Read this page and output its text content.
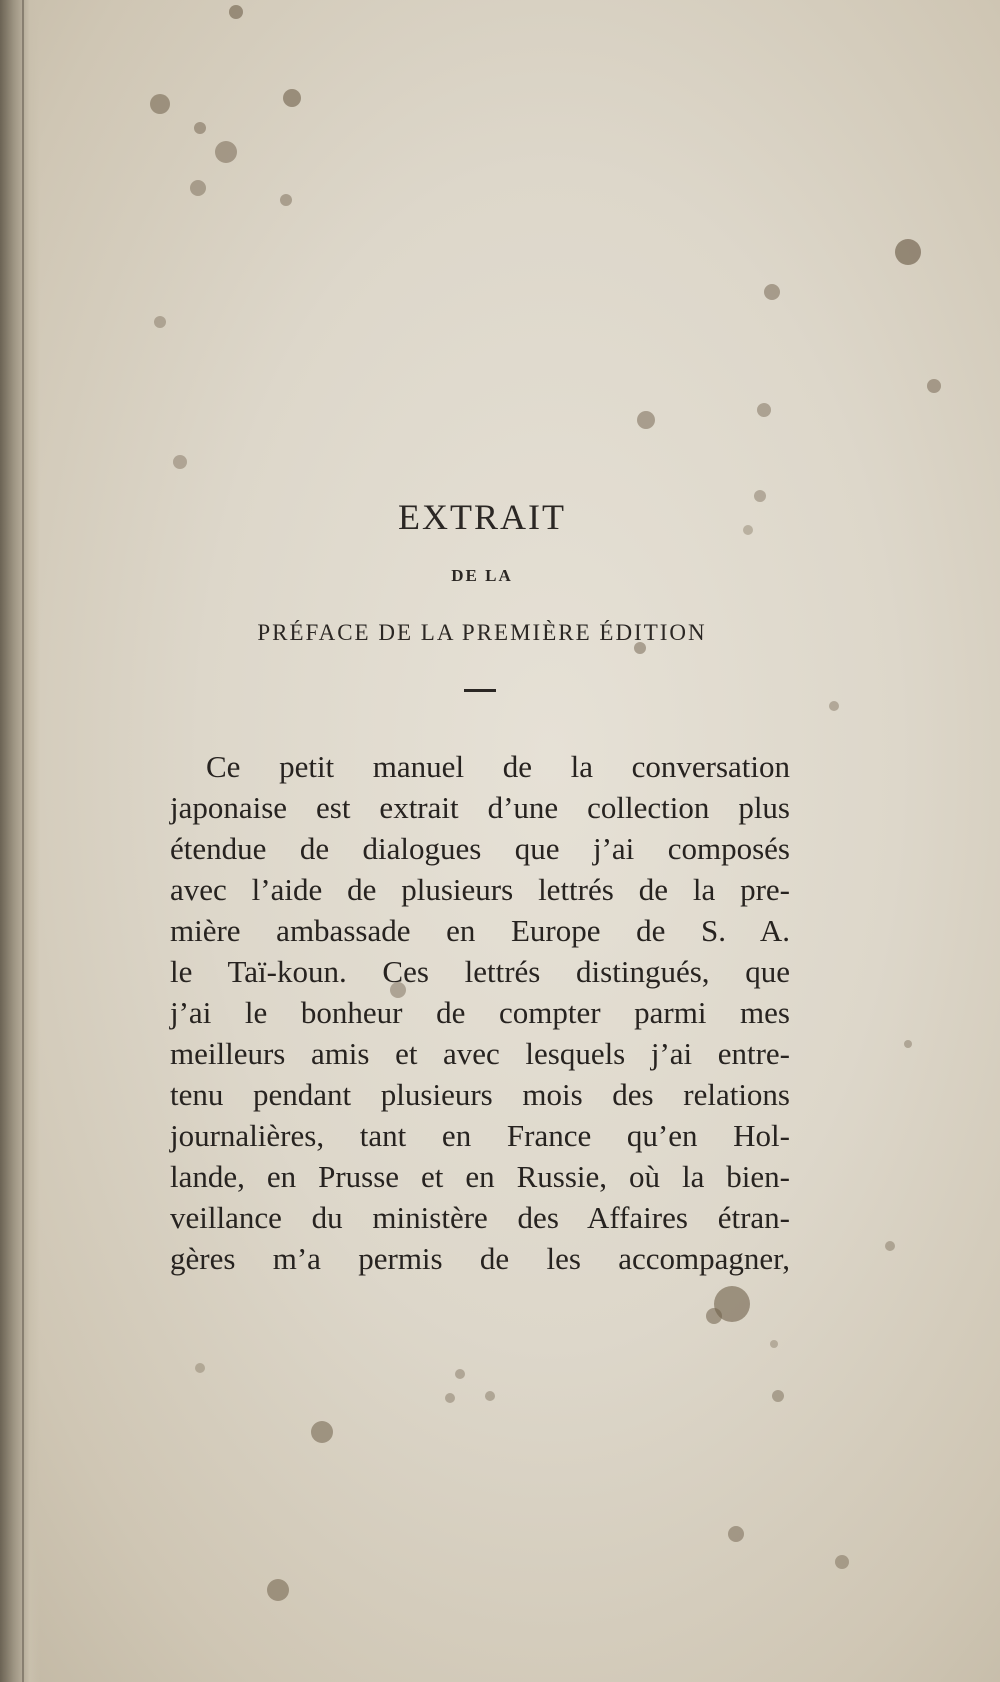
EXTRAIT
DE LA
PRÉFACE DE LA PREMIÈRE ÉDITION
Ce petit manuel de la conversation
japonaise est extrait d’une collection plus
étendue de dialogues que j’ai composés
avec l’aide de plusieurs lettrés de la pre-
mière ambassade en Europe de S. A.
le Taï-koun. Ces lettrés distingués, que
j’ai le bonheur de compter parmi mes
meilleurs amis et avec lesquels j’ai entre-
tenu pendant plusieurs mois des relations
journalières, tant en France qu’en Hol-
lande, en Prusse et en Russie, où la bien-
veillance du ministère des Affaires étran-
gères m’a permis de les accompagner,
